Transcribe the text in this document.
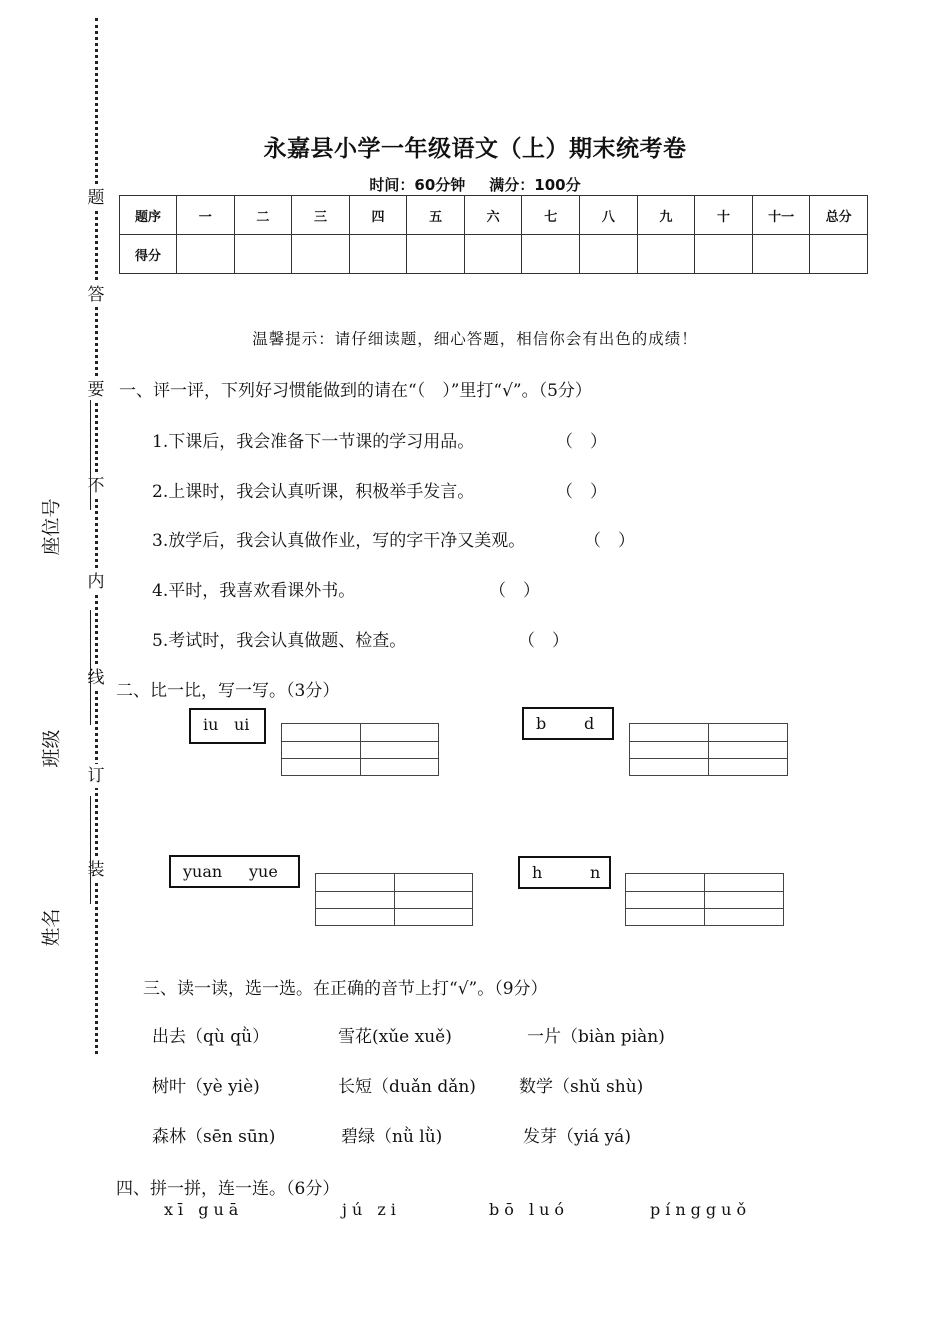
题
答
要
不
内
线
订
装
座位号
班级
姓名
永嘉县小学一年级语文（上）期末统考卷
时间：60分钟 满分：100分
题序	一	二	三	四	五	六	七	八	九	十	十一	总分
得分												
温馨提示：请仔细读题，细心答题，相信你会有出色的成绩！
一、评一评，下列好习惯能做到的请在“（　）”里打“√”。（5分）
1.下课后，我会准备下一节课的学习用品。	（　）
2.上课时，我会认真听课，积极举手发言。	（　）
3.放学后，我会认真做作业，写的字干净又美观。	（　）
4.平时，我喜欢看课外书。	（　）
5.考试时，我会认真做题、检查。	（　）
二、比一比，写一写。（3分）
iu ui	b d
yuan yue	h	n
三、读一读，选一选。在正确的音节上打“√”。（9分）
出去（qù qǜ）	雪花(xǔe xuě)	一片（biàn piàn)
树叶（yè yiè)	长短（duǎn dǎn)	数学（shǔ shù)
森林（sēn sūn)	碧绿（nǜ lǜ)	发芽（yiá yá)
四、拼一拼，连一连。（6分）
xī guā	jú zi	bō luó	píngguǒ
